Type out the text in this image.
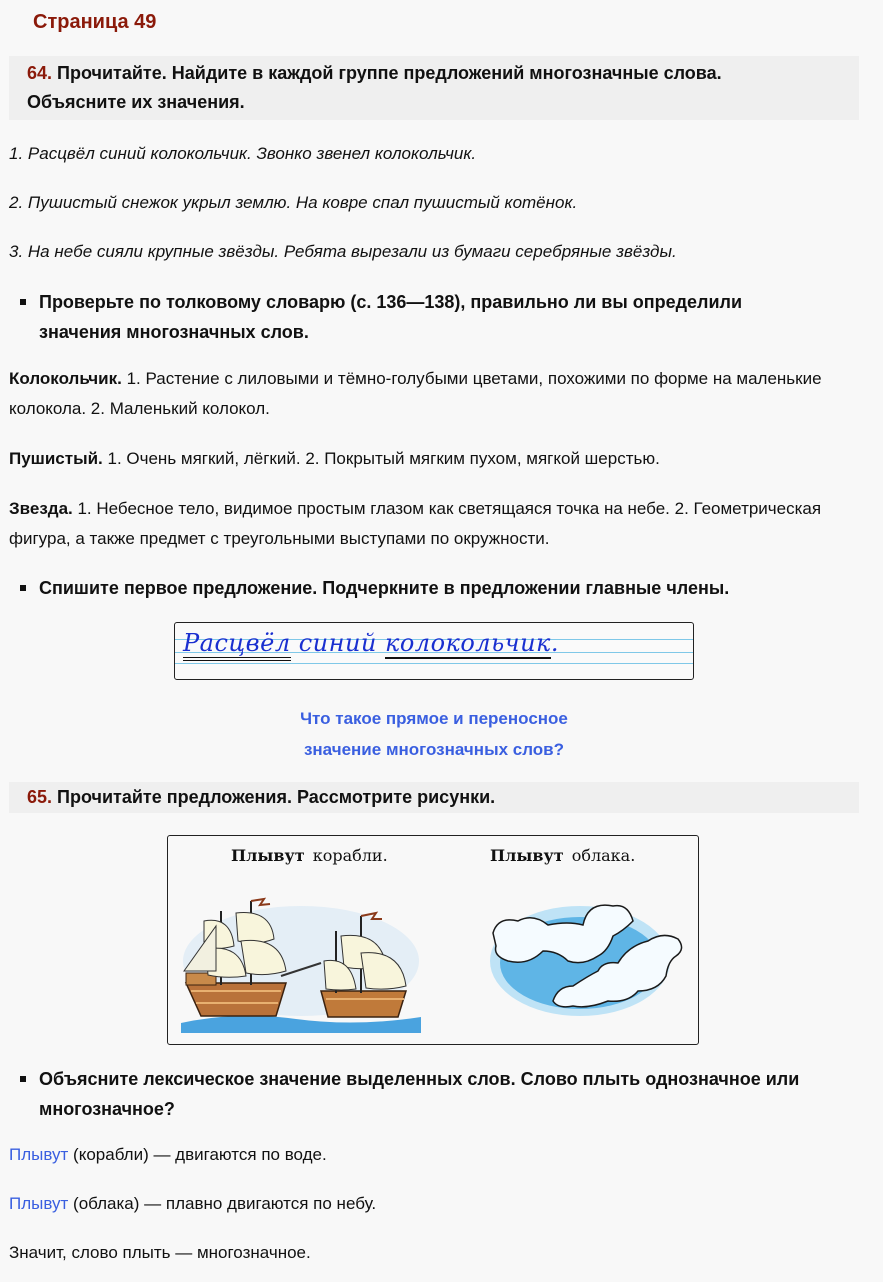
Страница 49
64. Прочитайте. Найдите в каждой группе предложений многозначные слова.
Объясните их значения.
1. Расцвёл синий колокольчик. Звонко звенел колокольчик.
2. Пушистый снежок укрыл землю. На ковре спал пушистый котёнок.
3. На небе сияли крупные звёзды. Ребята вырезали из бумаги серебряные звёзды.
Проверьте по толковому словарю (с. 136—138), правильно ли вы определили
значения многозначных слов.
Колокольчик. 1. Растение с лиловыми и тёмно-голубыми цветами, похожими по форме на маленькие колокола. 2. Маленький колокол.
Пушистый. 1. Очень мягкий, лёгкий. 2. Покрытый мягким пухом, мягкой шерстью.
Звезда. 1. Небесное тело, видимое простым глазом как светящаяся точка на небе. 2. Геометрическая фигура, а также предмет с треугольными выступами по окружности.
Спишите первое предложение. Подчеркните в предложении главные члены.
Расцвёл синий колокольчик.
Что такое прямое и переносное
значение многозначных слов?
65. Прочитайте предложения. Рассмотрите рисунки.
Плывут корабли.	Плывут облака.
Объясните лексическое значение выделенных слов. Слово плыть однозначное или многозначное?
Плывут (корабли) — двигаются по воде.
Плывут (облака) — плавно двигаются по небу.
Значит, слово плыть — многозначное.
